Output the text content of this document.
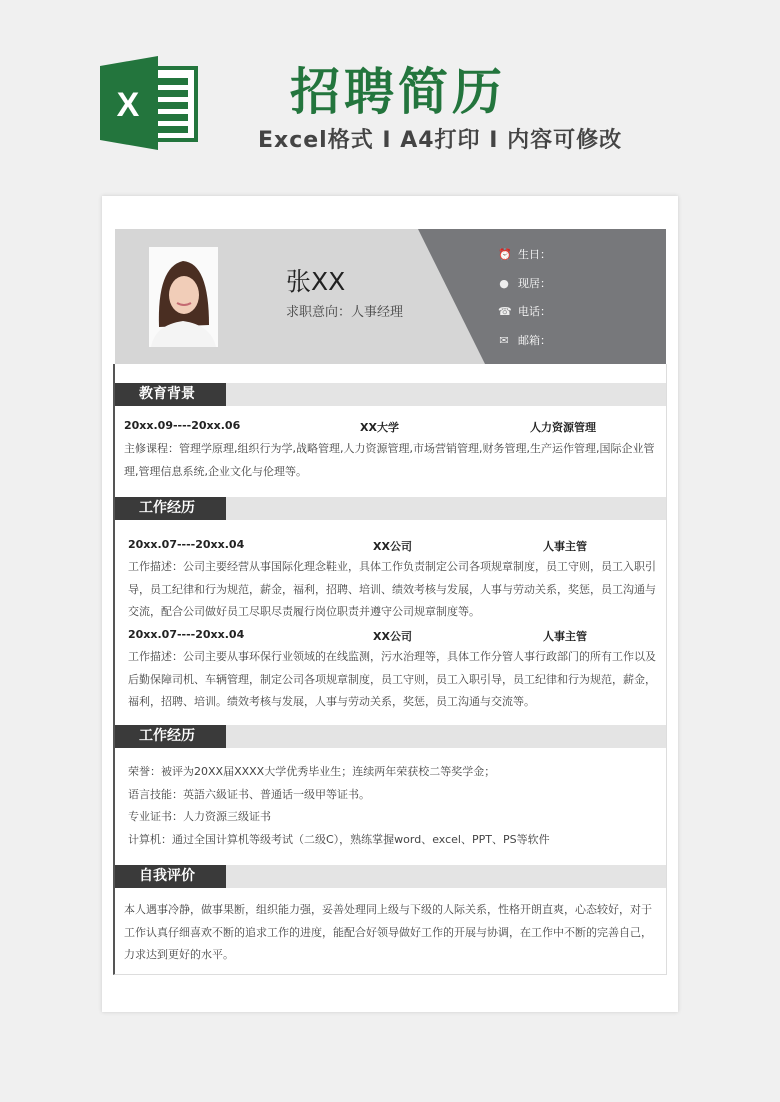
X	招聘简历
Excel格式 I A4打印 I 内容可修改
张XX
求职意向：人事经理
⏰ 生日：
● 现居：
☎ 电话：
✉ 邮箱：
教育背景
20xx.09----20xx.06	XX大学	人力资源管理
主修课程：管理学原理,组织行为学,战略管理,人力资源管理,市场营销管理,财务管理,生产运作管理,国际企业管理,管理信息系统,企业文化与伦理等。
工作经历
20xx.07----20xx.04	XX公司	人事主管
工作描述：公司主要经营从事国际化理念鞋业，具体工作负责制定公司各项规章制度，员工守则，员工入职引导，员工纪律和行为规范，薪金，福利，招聘、培训、绩效考核与发展，人事与劳动关系，奖惩，员工沟通与交流，配合公司做好员工尽职尽责履行岗位职责并遵守公司规章制度等。
20xx.07----20xx.04	XX公司	人事主管
工作描述：公司主要从事环保行业领域的在线监测，污水治理等，具体工作分管人事行政部门的所有工作以及后勤保障司机、车辆管理，制定公司各项规章制度，员工守则，员工入职引导，员工纪律和行为规范，薪金，福利，招聘、培训。绩效考核与发展，人事与劳动关系，奖惩，员工沟通与交流等。
工作经历
荣誉：被评为20XX届XXXX大学优秀毕业生；连续两年荣获校二等奖学金；
语言技能：英語六級证书、普通话一级甲等证书。
专业证书：人力资源三级证书
计算机：通过全国计算机等级考试（二级C），熟练掌握word、excel、PPT、PS等软件
自我评价
本人遇事冷静，做事果断，组织能力强，妥善处理同上级与下级的人际关系，性格开朗直爽，心态较好，对于工作认真仔细喜欢不断的追求工作的进度，能配合好领导做好工作的开展与协调，在工作中不断的完善自己，力求达到更好的水平。
